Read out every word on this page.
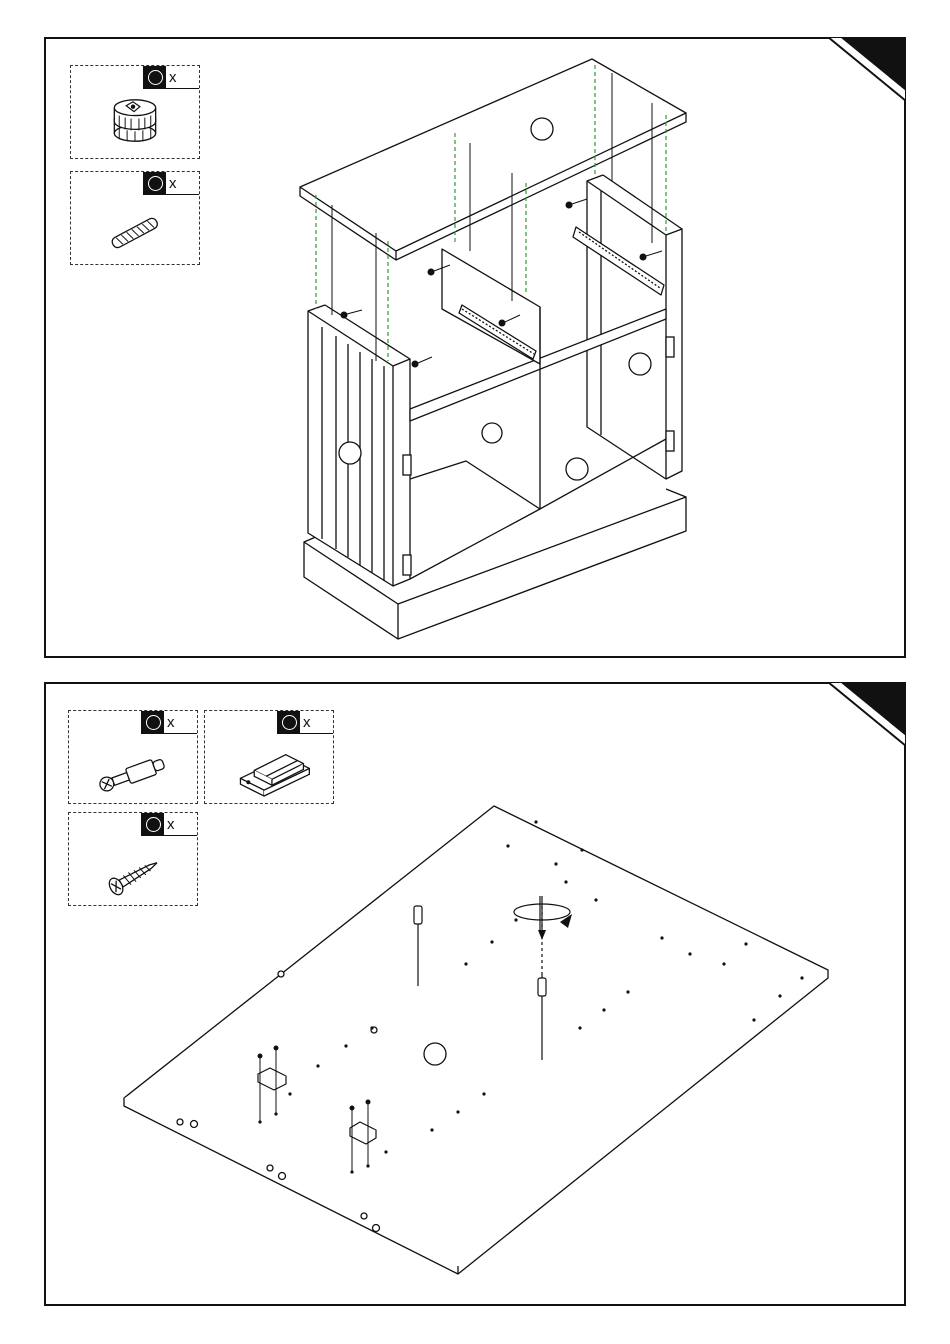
x
x
x	x
x
